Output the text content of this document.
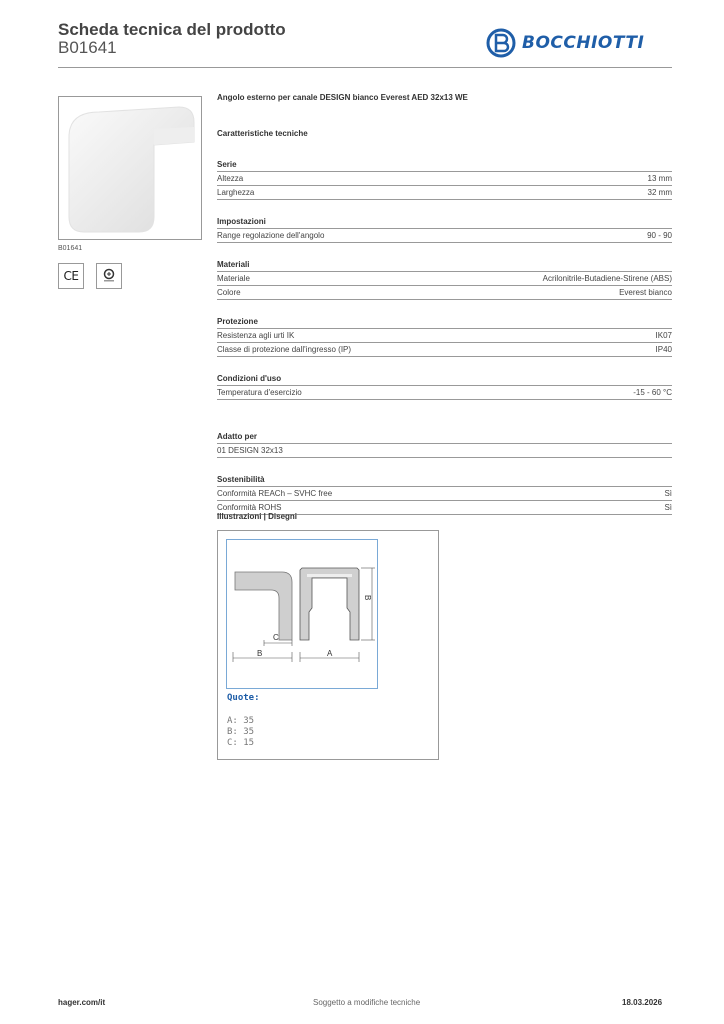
Scheda tecnica del prodotto
B01641	BOCCHIOTTI
B01641
CE
Angolo esterno per canale DESIGN bianco Everest AED 32x13 WE
Caratteristiche tecniche
Serie
Altezza	13 mm
Larghezza	32 mm
Impostazioni
Range regolazione dell'angolo	90 - 90
Materiali
Materiale	Acrilonitrile-Butadiene-Stirene (ABS)
Colore	Everest bianco
Protezione
Resistenza agli urti IK	IK07
Classe di protezione dall'ingresso (IP)	IP40
Condizioni d'uso
Temperatura d'esercizio	-15 - 60 °C
Adatto per
01 DESIGN 32x13
Sostenibilità
Conformità REACh – SVHC free	Sì
Conformità ROHS	Sì
Illustrazioni | Disegni
B
C
B	A
Quote:
A: 35
B: 35
C: 15
hager.com/it	Soggetto a modifiche tecniche	18.03.2026
